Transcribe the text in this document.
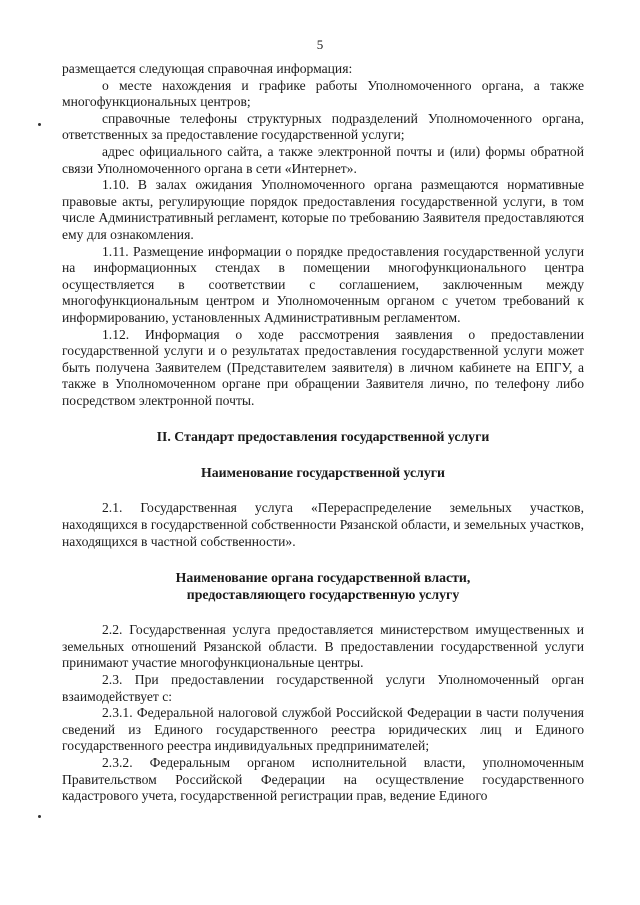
5

размещается следующая справочная информация:

о месте нахождения и графике работы Уполномоченного органа, а также многофункциональных центров;

справочные телефоны структурных подразделений Уполномоченного органа, ответственных за предоставление государственной услуги;

адрес официального сайта, а также электронной почты и (или) формы обратной связи Уполномоченного органа в сети «Интернет».

1.10. В залах ожидания Уполномоченного органа размещаются нормативные правовые акты, регулирующие порядок предоставления государственной услуги, в том числе Административный регламент, которые по требованию Заявителя предоставляются ему для ознакомления.

1.11. Размещение информации о порядке предоставления государственной услуги на информационных стендах в помещении многофункционального центра осуществляется в соответствии с соглашением, заключенным между многофункциональным центром и Уполномоченным органом с учетом требований к информированию, установленных Административным регламентом.

1.12. Информация о ходе рассмотрения заявления о предоставлении государственной услуги и о результатах предоставления государственной услуги может быть получена Заявителем (Представителем заявителя) в личном кабинете на ЕПГУ, а также в Уполномоченном органе при обращении Заявителя лично, по телефону либо посредством электронной почты.

II. Стандарт предоставления государственной услуги
Наименование государственной услуги

2.1. Государственная услуга «Перераспределение земельных участков, находящихся в государственной собственности Рязанской области, и земельных участков, находящихся в частной собственности».

Наименование органа государственной власти,
предоставляющего государственную услугу

2.2. Государственная услуга предоставляется министерством имущественных и земельных отношений Рязанской области. В предоставлении государственной услуги принимают участие многофункциональные центры.

2.3. При предоставлении государственной услуги Уполномоченный орган взаимодействует с:

2.3.1. Федеральной налоговой службой Российской Федерации в части получения сведений из Единого государственного реестра юридических лиц и Единого государственного реестра индивидуальных предпринимателей;

2.3.2. Федеральным органом исполнительной власти, уполномоченным Правительством Российской Федерации на осуществление государственного кадастрового учета, государственной регистрации прав, ведение Единого
